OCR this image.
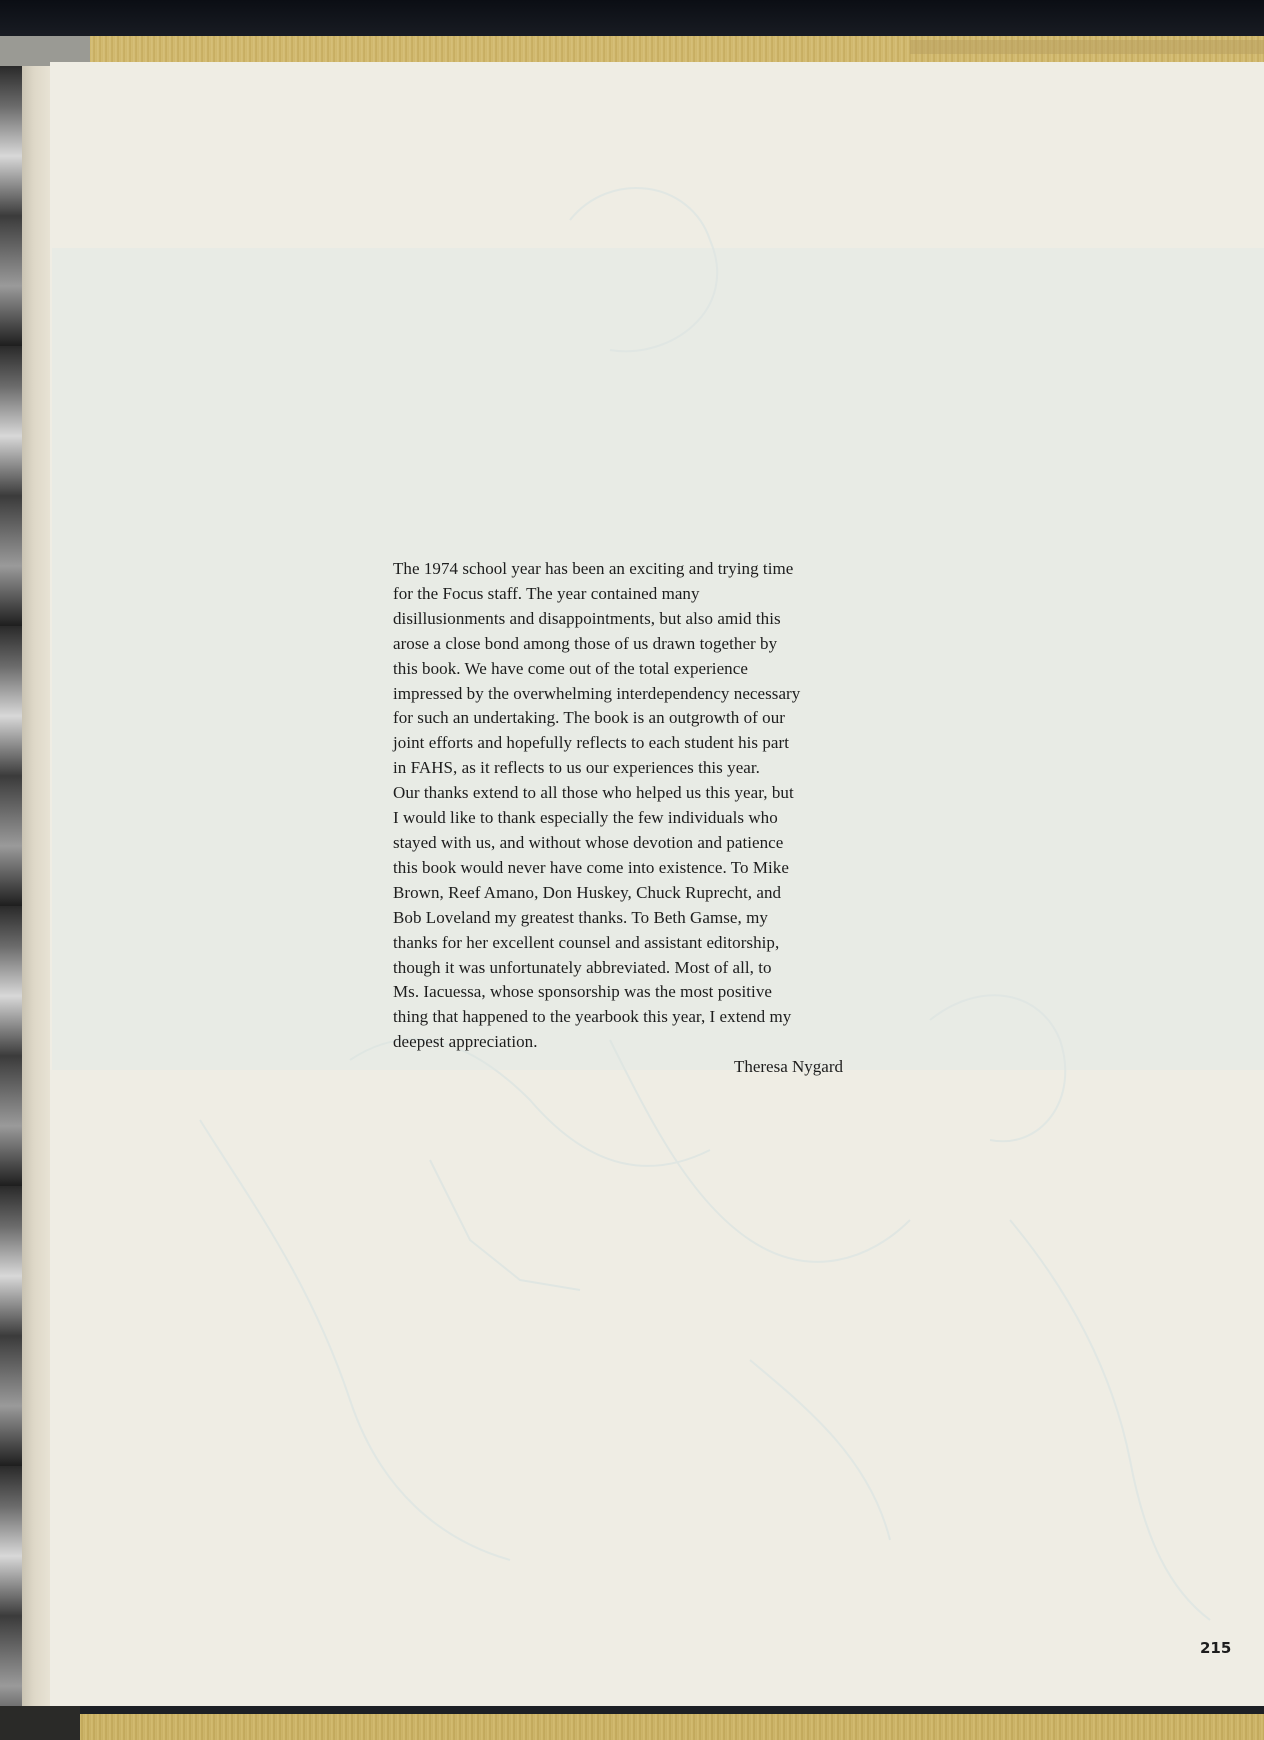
The 1974 school year has been an exciting and trying time
for the Focus staff. The year contained many
disillusionments and disappointments, but also amid this
arose a close bond among those of us drawn together by
this book. We have come out of the total experience
impressed by the overwhelming interdependency necessary
for such an undertaking. The book is an outgrowth of our
joint efforts and hopefully reflects to each student his part
in FAHS, as it reflects to us our experiences this year.
Our thanks extend to all those who helped us this year, but
I would like to thank especially the few individuals who
stayed with us, and without whose devotion and patience
this book would never have come into existence. To Mike
Brown, Reef Amano, Don Huskey, Chuck Ruprecht, and
Bob Loveland my greatest thanks. To Beth Gamse, my
thanks for her excellent counsel and assistant editorship,
though it was unfortunately abbreviated. Most of all, to
Ms. Iacuessa, whose sponsorship was the most positive
thing that happened to the yearbook this year, I extend my
deepest appreciation.
Theresa Nygard
215
